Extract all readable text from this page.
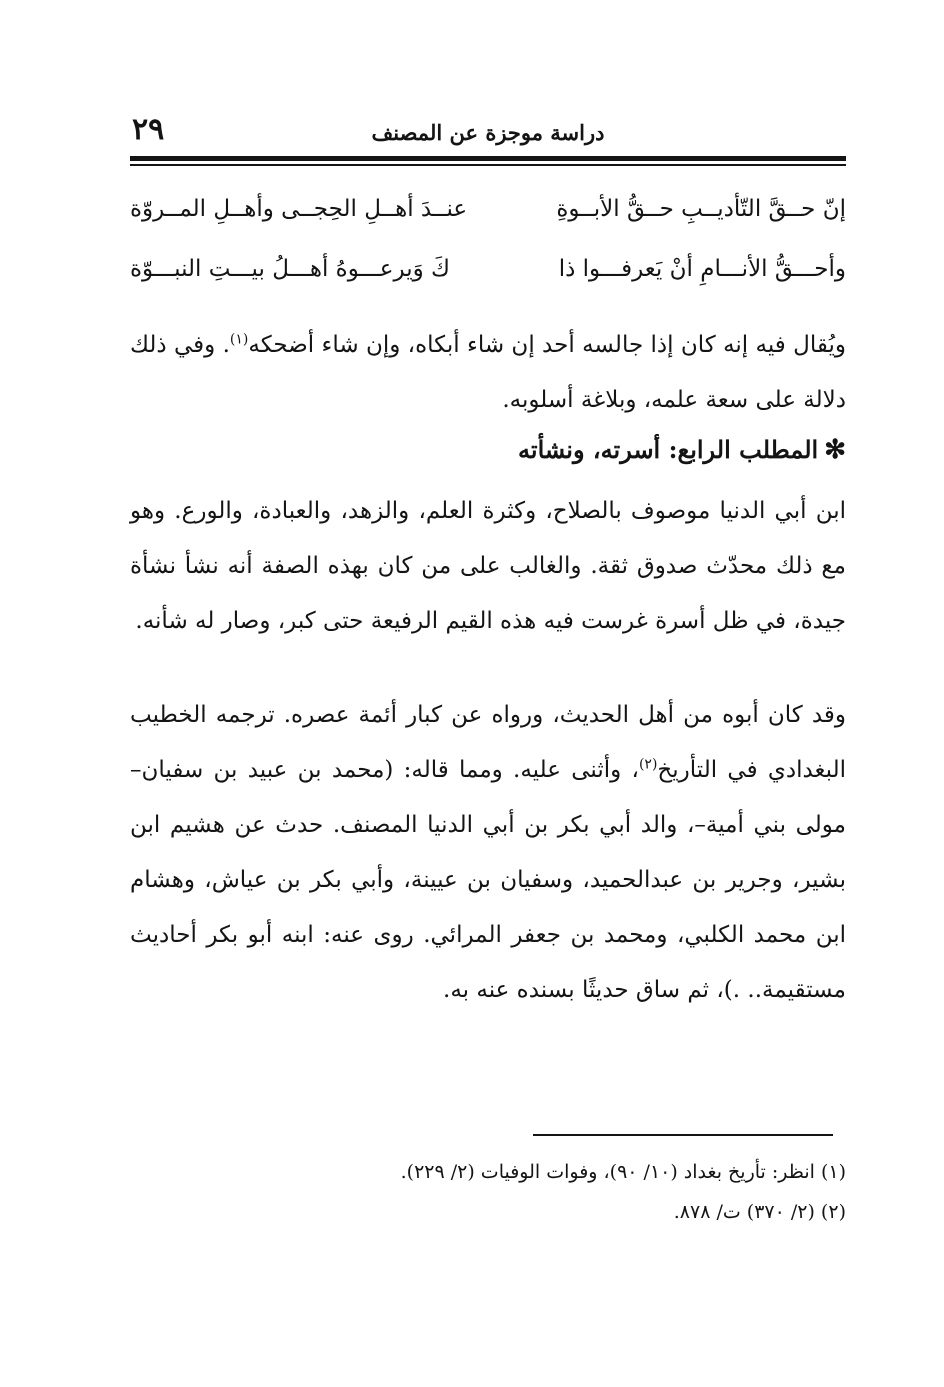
٢٩	دراسة موجزة عن المصنف
إنّ حــقَّ التّأديــبِ حــقُّ الأبــوةِ
عنــدَ أهــلِ الحِجــى وأهــلِ المــروّة
وأحـــقُّ الأنـــامِ أنْ يَعرفـــوا ذا
كَ وَيرعـــوهُ أهـــلُ بيـــتِ النبـــوّة

ويُقال فيه إنه كان إذا جالسه أحد إن شاء أبكاه، وإن شاء أضحكه$^{(١)}$. وفي ذلك دلالة على سعة علمه، وبلاغة أسلوبه.

✻المطلب الرابع: أسرته، ونشأته

ابن أبي الدنيا موصوف بالصلاح، وكثرة العلم، والزهد، والعبادة، والورع. وهو مع ذلك محدّث صدوق ثقة. والغالب على من كان بهذه الصفة أنه نشأ نشأة جيدة، في ظل أسرة غرست فيه هذه القيم الرفيعة حتى كبر، وصار له شأنه.

وقد كان أبوه من أهل الحديث، ورواه عن كبار أئمة عصره. ترجمه الخطيب البغدادي في التأريخ$^{(٢)}$، وأثنى عليه. ومما قاله: (محمد بن عبيد بن سفيان–مولى بني أمية–، والد أبي بكر بن أبي الدنيا المصنف. حدث عن هشيم ابن بشير، وجرير بن عبدالحميد، وسفيان بن عيينة، وأبي بكر بن عياش، وهشام ابن محمد الكلبي، ومحمد بن جعفر المرائي. روى عنه: ابنه أبو بكر أحاديث مستقيمة.. .)، ثم ساق حديثًا بسنده عنه به.

(١) انظر: تأريخ بغداد (١٠/ ٩٠)، وفوات الوفيات (٢/ ٢٢٩).

(٢) (٢/ ٣٧٠) ت/ ٨٧٨.
